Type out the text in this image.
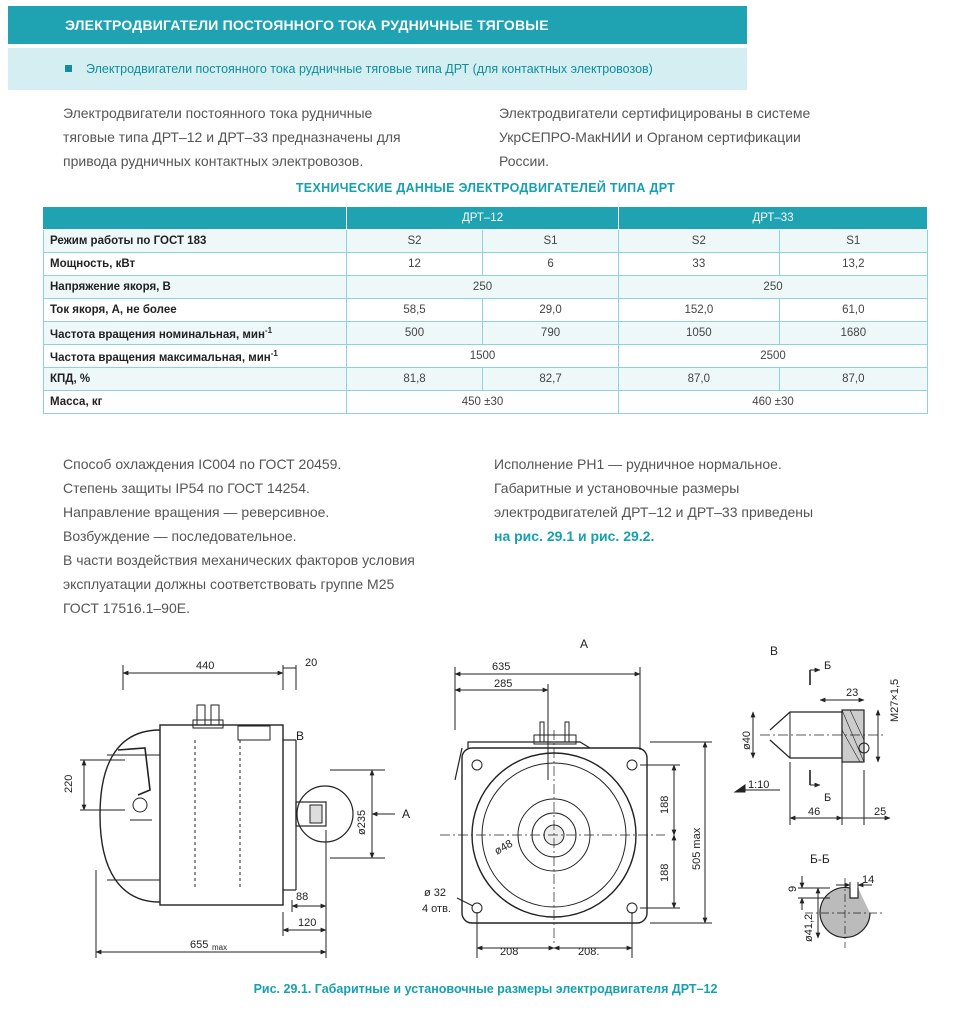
ЭЛЕКТРОДВИГАТЕЛИ ПОСТОЯННОГО ТОКА РУДНИЧНЫЕ ТЯГОВЫЕ
Электродвигатели постоянного тока рудничные тяговые типа ДРТ (для контактных электровозов)
Электродвигатели постоянного тока рудничные
тяговые типа ДРТ–12 и ДРТ–33 предназначены для
привода рудничных контактных электровозов.
Электродвигатели сертифицированы в системе
УкрСЕПРО-МакНИИ и Органом сертификации
России.
ТЕХНИЧЕСКИЕ ДАННЫЕ ЭЛЕКТРОДВИГАТЕЛЕЙ ТИПА ДРТ
	ДРТ–12		ДРТ–33	
Режим работы по ГОСТ 183	S2	S1	S2	S1
Мощность, кВт	12	6	33	13,2
Напряжение якоря, В	250		250	
Ток якоря, А, не более	58,5	29,0	152,0	61,0
Частота вращения номинальная, мин$^{-1}$	500	790	1050	1680
Частота вращения максимальная, мин$^{-1}$	1500		2500	
КПД, %	81,8	82,7	87,0	87,0
Масса, кг	450 ±30		460 ±30	
Способ охлаждения IC004 по ГОСТ 20459.
Степень защиты IP54 по ГОСТ 14254.
Направление вращения — реверсивное.
Возбуждение — последовательное.
В части воздействия механических факторов условия
эксплуатации должны соответствовать группе М25
ГОСТ 17516.1–90Е.
Исполнение РН1 — рудничное нормальное.
Габаритные и установочные размеры
электродвигателей ДРТ–12 и ДРТ–33 приведены
на рис. 29.1 и рис. 29.2.
440	20
B
A
220
ø235
88
120
655 max
A
635
285
ø48
188
188
505 max
ø 32
4 отв.
208	208.
B
Б
Б
23	M27×1,5
ø40
1:10
46	25
Б-Б
14
9
ø41,2
Рис. 29.1. Габаритные и установочные размеры электродвигателя ДРТ–12
